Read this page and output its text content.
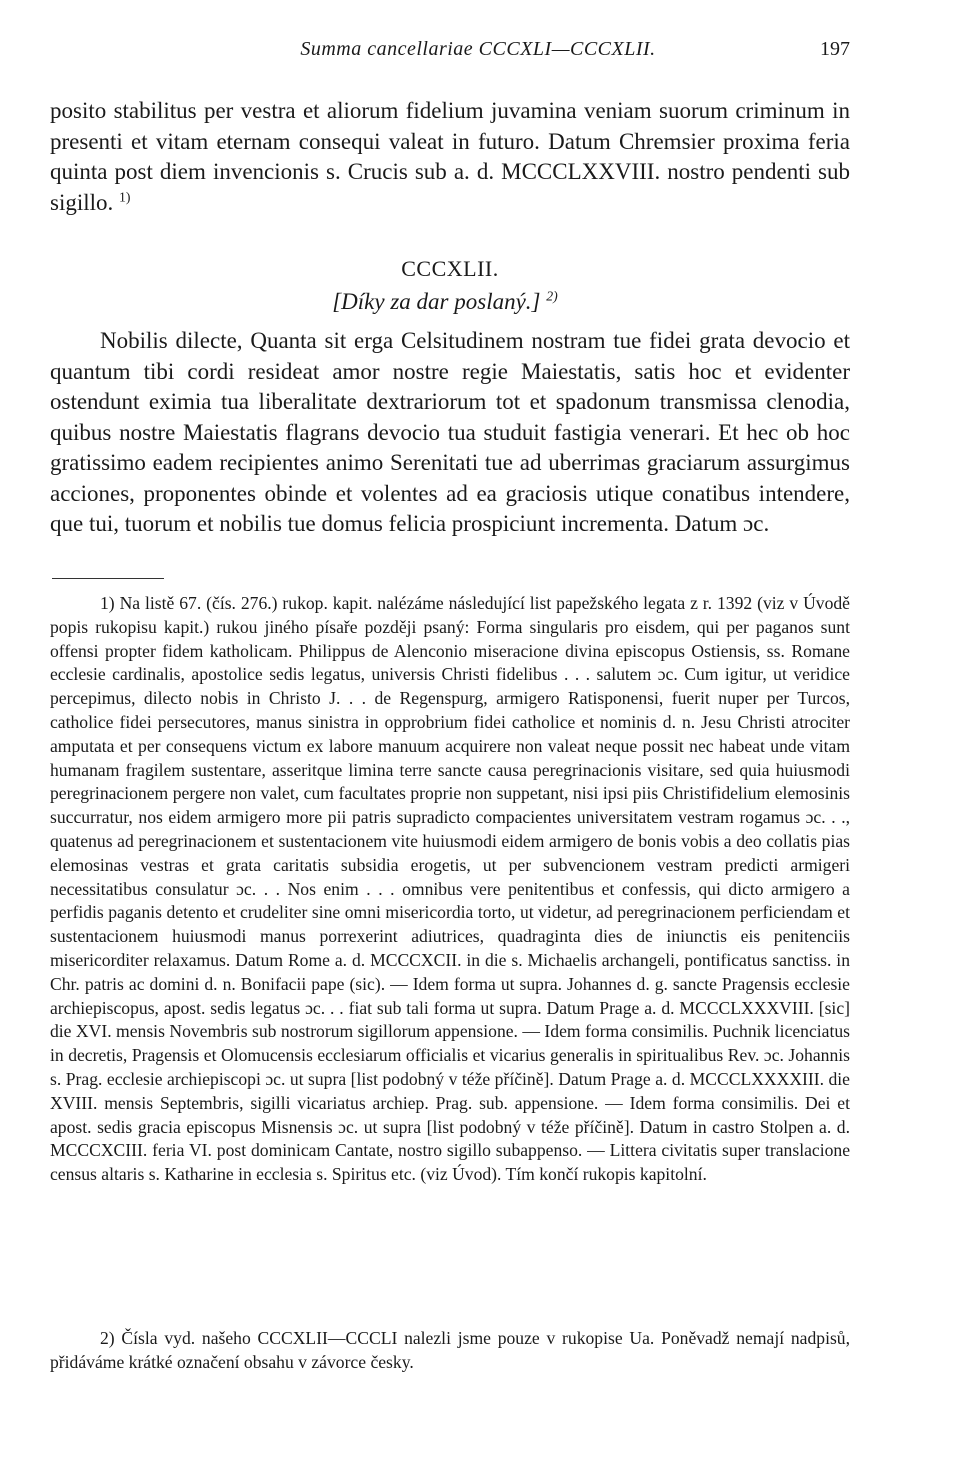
Summa cancellariae CCCXLI—CCCXLII.	197
posito stabilitus per vestra et aliorum fidelium juvamina veniam suorum criminum in presenti et vitam eternam consequi valeat in futuro. Datum Chremsier proxima feria quinta post diem invencionis s. Crucis sub a. d. MCCCLXXVIII. nostro pendenti sub sigillo. $^{1)}$
CCCXLII.
[Díky za dar poslaný.] $^{2)}$
Nobilis dilecte, Quanta sit erga Celsitudinem nostram tue fidei grata devocio et quantum tibi cordi resideat amor nostre regie Maiestatis, satis hoc et evidenter ostendunt eximia tua liberalitate dextrariorum tot et spadonum transmissa clenodia, quibus nostre Maiestatis flagrans devocio tua studuit fastigia venerari. Et hec ob hoc gratissimo eadem recipientes animo Serenitati tue ad uberrimas graciarum assurgimus acciones, proponentes obinde et volentes ad ea graciosis utique conatibus intendere, que tui, tuorum et nobilis tue domus felicia prospiciunt incrementa. Datum ɔc.
1) Na listě 67. (čís. 276.) rukop. kapit. nalézáme následující list papežského legata z r. 1392 (viz v Úvodě popis rukopisu kapit.) rukou jiného písaře později psaný: Forma singularis pro eisdem, qui per paganos sunt offensi propter fidem katholicam. Philippus de Alenconio miseracione divina episcopus Ostiensis, ss. Romane ecclesie cardinalis, apostolice sedis legatus, universis Christi fidelibus . . . salutem ɔc. Cum igitur, ut veridice percepimus, dilecto nobis in Christo J. . . de Regenspurg, armigero Ratisponensi, fuerit nuper per Turcos, catholice fidei persecutores, manus sinistra in opprobrium fidei catholice et nominis d. n. Jesu Christi atrociter amputata et per consequens victum ex labore manuum acquirere non valeat neque possit nec habeat unde vitam humanam fragilem sustentare, asseritque limina terre sancte causa peregrinacionis visitare, sed quia huiusmodi peregrinacionem pergere non valet, cum facultates proprie non suppetant, nisi ipsi piis Christifidelium elemosinis succurratur, nos eidem armigero more pii patris supradicto compacientes universitatem vestram rogamus ɔc. . ., quatenus ad peregrinacionem et sustentacionem vite huiusmodi eidem armigero de bonis vobis a deo collatis pias elemosinas vestras et grata caritatis subsidia erogetis, ut per subvencionem vestram predicti armigeri necessitatibus consulatur ɔc. . . Nos enim . . . omnibus vere penitentibus et confessis, qui dicto armigero a perfidis paganis detento et crudeliter sine omni misericordia torto, ut videtur, ad peregrinacionem perficiendam et sustentacionem huiusmodi manus porrexerint adiutrices, quadraginta dies de iniunctis eis penitenciis misericorditer relaxamus. Datum Rome a. d. MCCCXCII. in die s. Michaelis archangeli, pontificatus sanctiss. in Chr. patris ac domini d. n. Bonifacii pape (sic). — Idem forma ut supra. Johannes d. g. sancte Pragensis ecclesie archiepiscopus, apost. sedis legatus ɔc. . . fiat sub tali forma ut supra. Datum Prage a. d. MCCCLXXXVIII. [sic] die XVI. mensis Novembris sub nostrorum sigillorum appensione. — Idem forma consimilis. Puchnik licenciatus in decretis, Pragensis et Olomucensis ecclesiarum officialis et vicarius generalis in spiritualibus Rev. ɔc. Johannis s. Prag. ecclesie archiepiscopi ɔc. ut supra [list podobný v téže příčině]. Datum Prage a. d. MCCCLXXXXIII. die XVIII. mensis Septembris, sigilli vicariatus archiep. Prag. sub. appensione. — Idem forma consimilis. Dei et apost. sedis gracia episcopus Misnensis ɔc. ut supra [list podobný v téže příčině]. Datum in castro Stolpen a. d. MCCCXCIII. feria VI. post dominicam Cantate, nostro sigillo subappenso. — Littera civitatis super translacione census altaris s. Katharine in ecclesia s. Spiritus etc. (viz Úvod). Tím končí rukopis kapitolní.
2) Čísla vyd. našeho CCCXLII—CCCLI nalezli jsme pouze v rukopise Ua. Poněvadž nemají nadpisů, přidáváme krátké označení obsahu v závorce česky.
